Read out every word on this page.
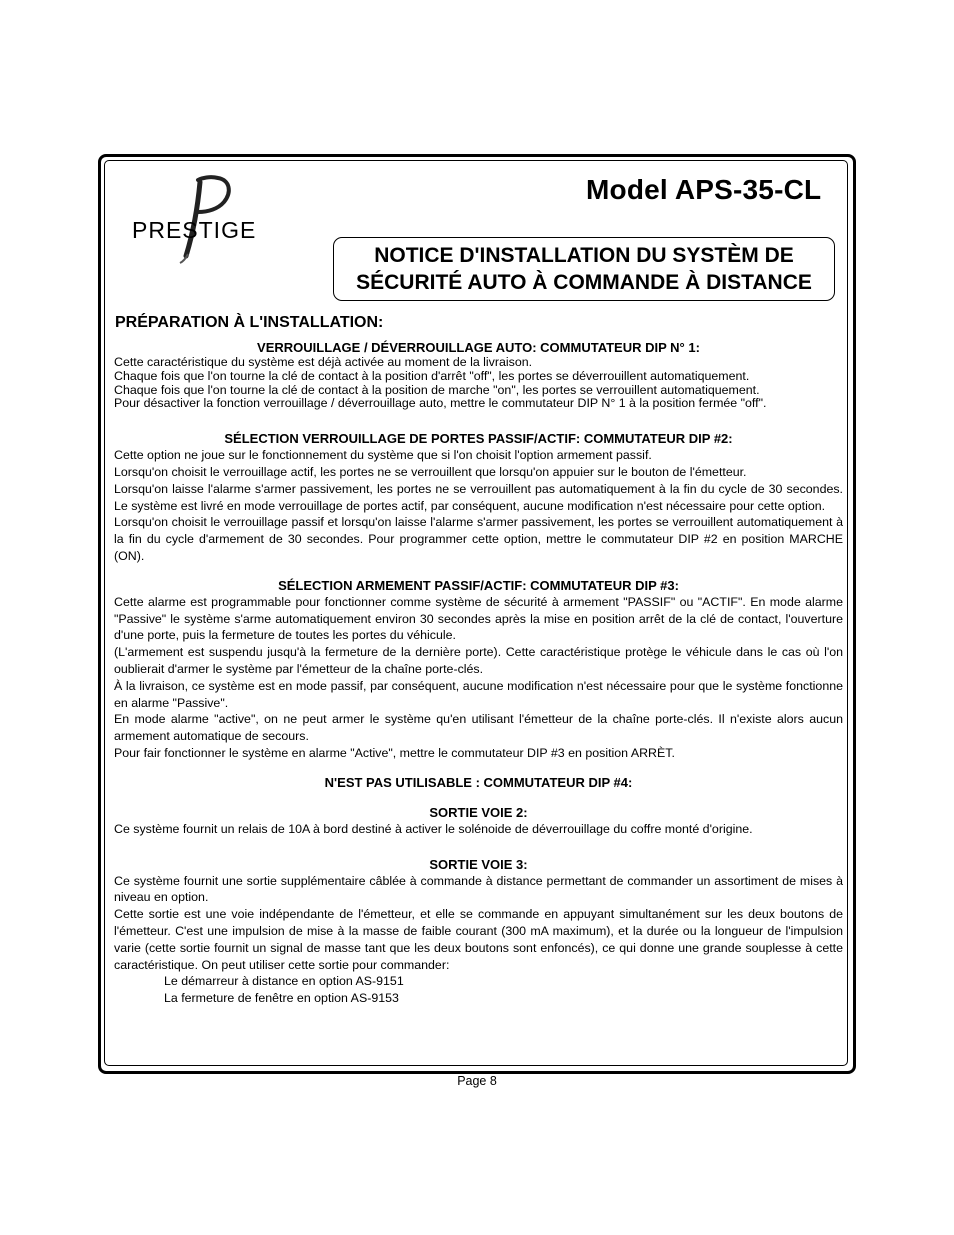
PRESTIGE
Model APS-35-CL
NOTICE D'INSTALLATION DU SYSTÈM DE
SÉCURITÉ AUTO À COMMANDE À DISTANCE
PRÉPARATION À L'INSTALLATION:

VERROUILLAGE / DÉVERROUILLAGE AUTO: COMMUTATEUR DIP N° 1:

Cette caractéristique du système est déjà activée au moment de la livraison.

Chaque fois que l'on tourne la clé de contact à la position d'arrêt "off", les portes se déverrouillent automatiquement.

Chaque fois que l'on tourne la clé de contact à la position de marche "on", les portes se verrouillent automatiquement.

Pour désactiver la fonction verrouillage / déverrouillage auto, mettre le commutateur DIP N° 1 à la position fermée "off".

SÉLECTION VERROUILLAGE DE PORTES PASSIF/ACTIF: COMMUTATEUR DIP #2:

Cette option ne joue sur le fonctionnement du système que si l'on choisit l'option armement passif.

Lorsqu'on choisit le verrouillage actif, les portes ne se verrouillent que lorsqu'on appuier sur le bouton de l'émetteur.

Lorsqu'on laisse l'alarme s'armer passivement, les portes ne se verrouillent pas automatiquement à la fin du cycle de 30 secondes. Le système est livré en mode verrouillage de portes actif, par conséquent, aucune modification n'est nécessaire pour cette option.

Lorsqu'on choisit le verrouillage passif et lorsqu'on laisse l'alarme s'armer passivement, les portes se verrouillent automatiquement à la fin du cycle d'armement de 30 secondes. Pour programmer cette option, mettre le commutateur DIP #2 en position MARCHE (ON).

SÉLECTION ARMEMENT PASSIF/ACTIF: COMMUTATEUR DIP #3:

Cette alarme est programmable pour fonctionner comme système de sécurité à armement "PASSIF" ou "ACTIF". En mode alarme "Passive" le système s'arme automatiquement environ 30 secondes après la mise en position arrêt de la clé de contact, l'ouverture d'une porte, puis la fermeture de toutes les portes du véhicule.

(L'armement est suspendu jusqu'à la fermeture de la dernière porte). Cette caractéristique protège le véhicule dans le cas où l'on oublierait d'armer le système par l'émetteur de la chaîne porte-clés.

À la livraison, ce système est en mode passif, par conséquent, aucune modification n'est nécessaire pour que le système fonctionne en alarme "Passive".

En mode alarme "active", on ne peut armer le système qu'en utilisant l'émetteur de la chaîne porte-clés. Il n'existe alors aucun armement automatique de secours.

Pour fair fonctionner le système en alarme "Active", mettre le commutateur DIP #3 en position ARRÈT.

N'EST PAS UTILISABLE : COMMUTATEUR DIP #4:

SORTIE VOIE 2:

Ce système fournit un relais de 10A à bord destiné à activer le solénoide de déverrouillage du coffre monté d'origine.

SORTIE VOIE 3:

Ce système fournit une sortie supplémentaire câblée à commande à distance permettant de commander un assortiment de mises à niveau en option.

Cette sortie est une voie indépendante de l'émetteur, et elle se commande en appuyant simultanément sur les deux boutons de l'émetteur. C'est une impulsion de mise à la masse de faible courant (300 mA maximum), et la durée ou la longueur de l'impulsion varie (cette sortie fournit un signal de masse tant que les deux boutons sont enfoncés), ce qui donne une grande souplesse à cette caractéristique. On peut utiliser cette sortie pour commander:

Le démarreur à distance en option AS-9151

La fermeture de fenêtre en option AS-9153

Page 8
